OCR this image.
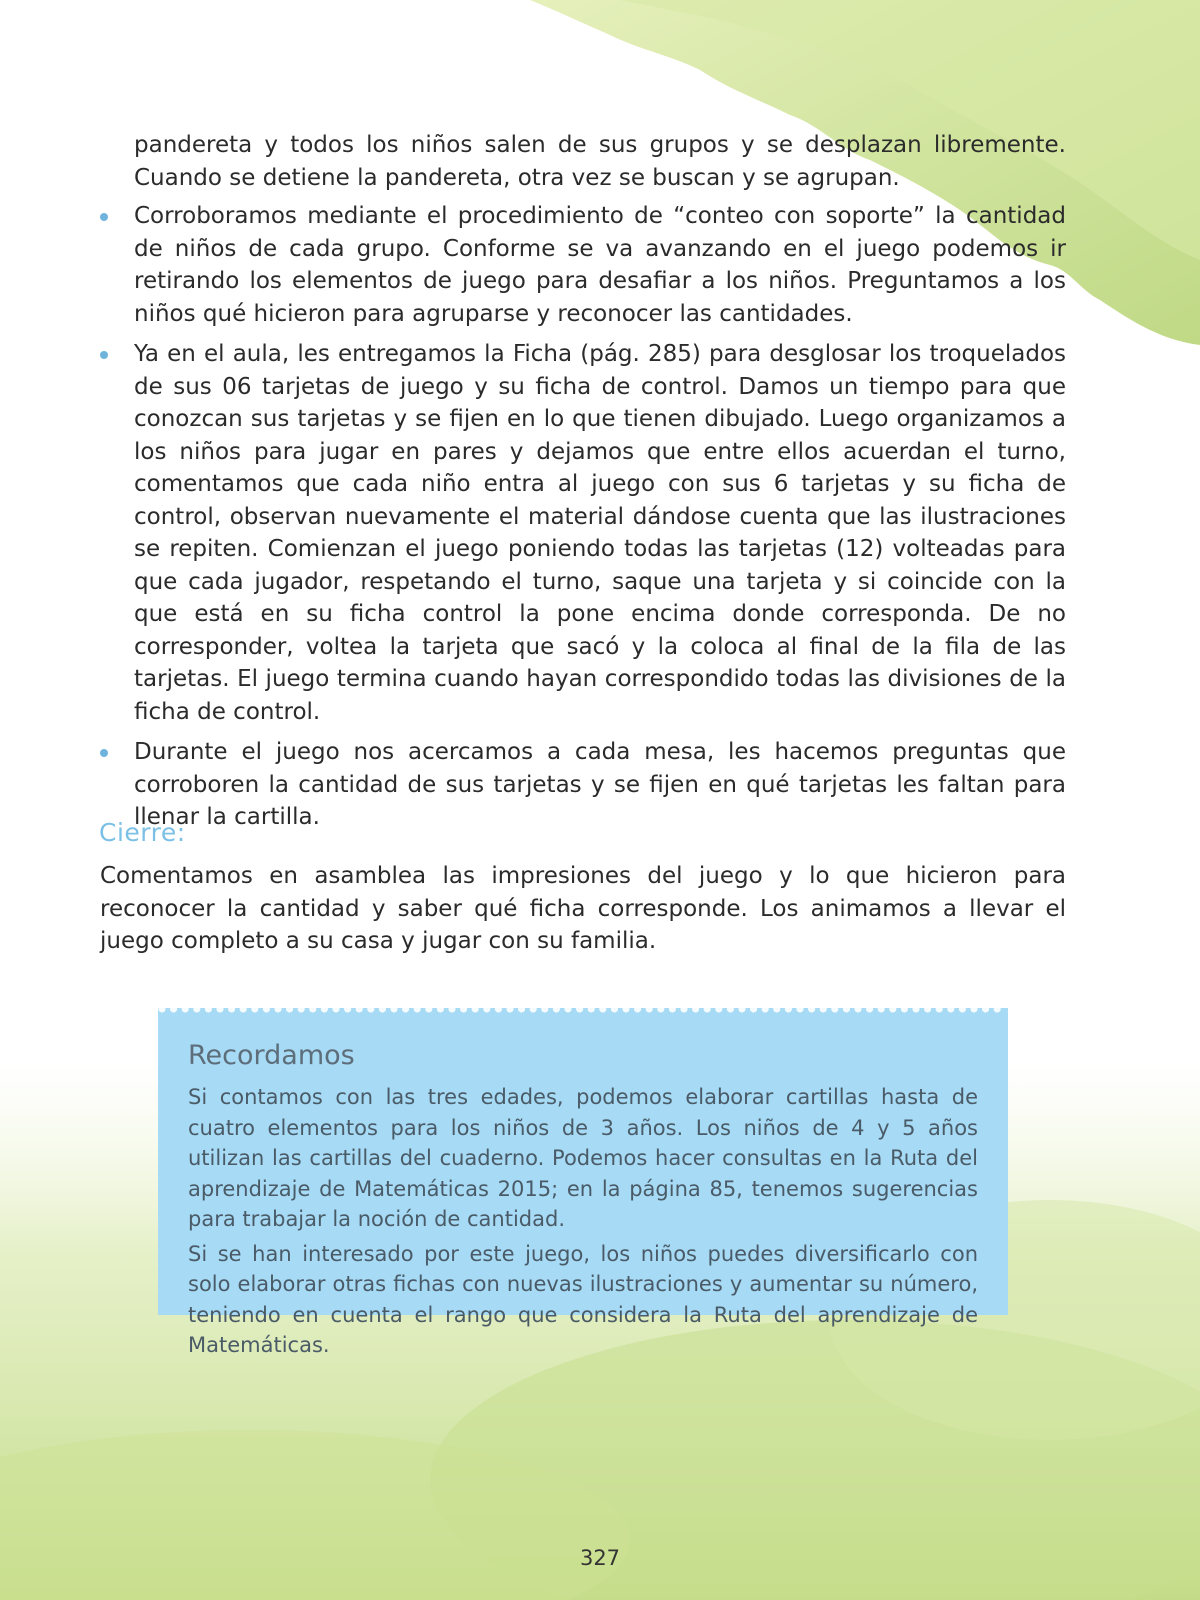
pandereta y todos los niños salen de sus grupos y se desplazan libremente. Cuando se detiene la pandereta, otra vez se buscan y se agrupan.

Corroboramos mediante el procedimiento de “conteo con soporte” la cantidad de niños de cada grupo. Conforme se va avanzando en el juego podemos ir retirando los elementos de juego para desafiar a los niños. Preguntamos a los niños qué hicieron para agruparse y reconocer las cantidades.
Ya en el aula, les entregamos la Ficha (pág. 285) para desglosar los troquelados de sus 06 tarjetas de juego y su ficha de control. Damos un tiempo para que conozcan sus tarjetas y se fijen en lo que tienen dibujado. Luego organizamos a los niños para jugar en pares y dejamos que entre ellos acuerdan el turno, comentamos que cada niño entra al juego con sus 6 tarjetas y su ficha de control, observan nuevamente el material dándose cuenta que las ilustraciones se repiten. Comienzan el juego poniendo todas las tarjetas (12) volteadas para que cada jugador, respetando el turno, saque una tarjeta y si coincide con la que está en su ficha control la pone encima donde corresponda. De no corresponder, voltea la tarjeta que sacó y la coloca al final de la fila de las tarjetas. El juego termina cuando hayan correspondido todas las divisiones de la ficha de control.
Durante el juego nos acercamos a cada mesa, les hacemos preguntas que corroboren la cantidad de sus tarjetas y se fijen en qué tarjetas les faltan para llenar la cartilla.
Cierre:

Comentamos en asamblea las impresiones del juego y lo que hicieron para reconocer la cantidad y saber qué ficha corresponde. Los animamos a llevar el juego completo a su casa y jugar con su familia.

Recordamos

Si contamos con las tres edades, podemos elaborar cartillas hasta de cuatro elementos para los niños de 3 años. Los niños de 4 y 5 años utilizan las cartillas del cuaderno. Podemos hacer consultas en la Ruta del aprendizaje de Matemáticas 2015; en la página 85, tenemos sugerencias para trabajar la noción de cantidad.

Si se han interesado por este juego, los niños puedes diversificarlo con solo elaborar otras fichas con nuevas ilustraciones y aumentar su número, teniendo en cuenta el rango que considera la Ruta del aprendizaje de Matemáticas.

327
